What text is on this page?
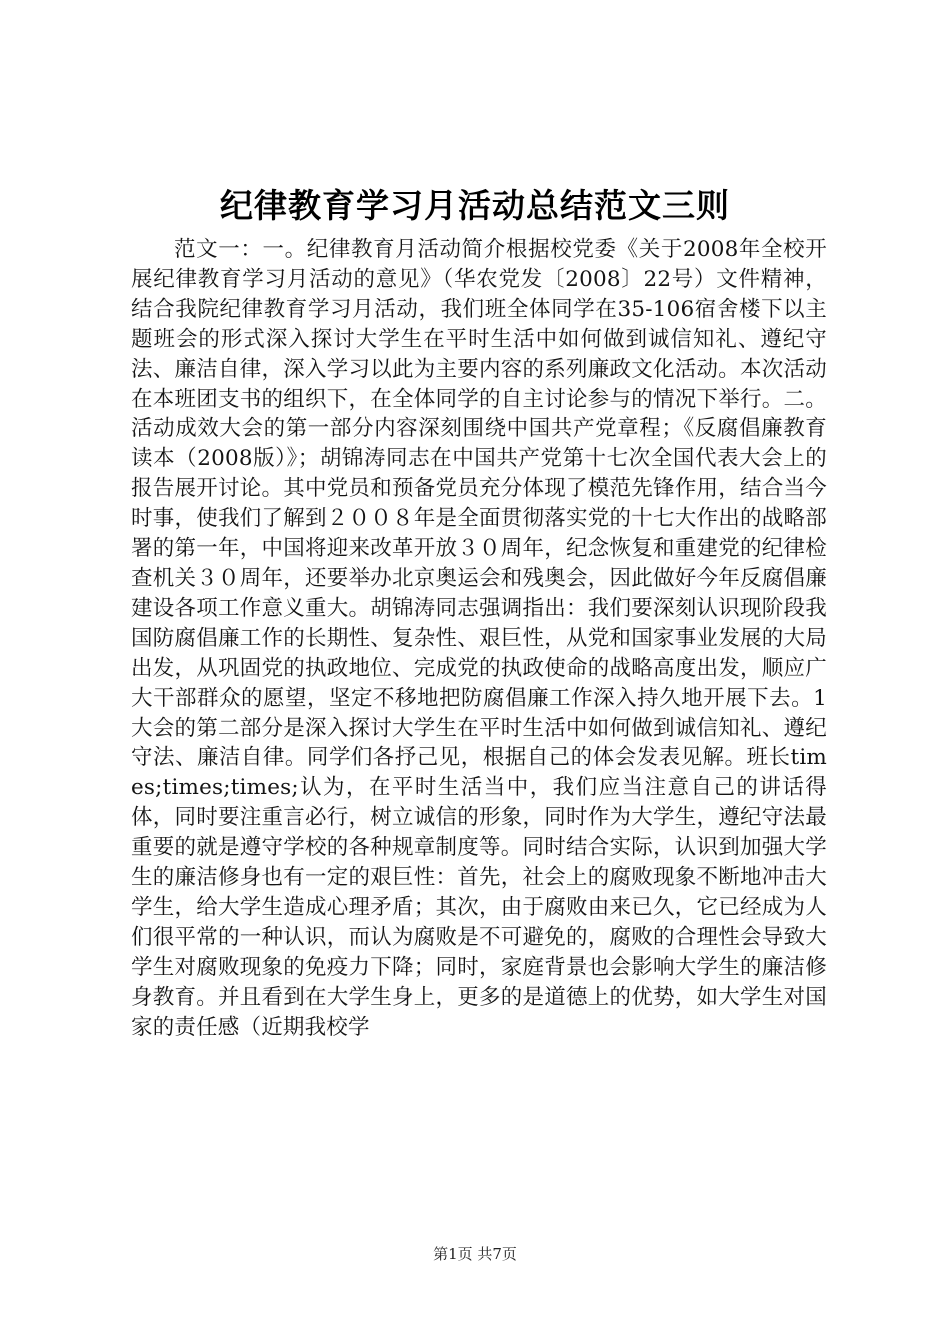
纪律教育学习月活动总结范文三则
范文一：一。纪律教育月活动简介根据校党委《关于2008年全校开展纪律教育学习月活动的意见》（华农党发〔2008〕22号）文件精神，结合我院纪律教育学习月活动，我们班全体同学在35-106宿舍楼下以主题班会的形式深入探讨大学生在平时生活中如何做到诚信知礼、遵纪守法、廉洁自律，深入学习以此为主要内容的系列廉政文化活动。本次活动在本班团支书的组织下，在全体同学的自主讨论参与的情况下举行。二。活动成效大会的第一部分内容深刻围绕中国共产党章程；《反腐倡廉教育读本（2008版）》；胡锦涛同志在中国共产党第十七次全国代表大会上的报告展开讨论。其中党员和预备党员充分体现了模范先锋作用，结合当今时事，使我们了解到２００８年是全面贯彻落实党的十七大作出的战略部署的第一年，中国将迎来改革开放３０周年，纪念恢复和重建党的纪律检查机关３０周年，还要举办北京奥运会和残奥会，因此做好今年反腐倡廉建设各项工作意义重大。胡锦涛同志强调指出：我们要深刻认识现阶段我国防腐倡廉工作的长期性、复杂性、艰巨性，从党和国家事业发展的大局出发，从巩固党的执政地位、完成党的执政使命的战略高度出发，顺应广大干部群众的愿望，坚定不移地把防腐倡廉工作深入持久地开展下去。1大会的第二部分是深入探讨大学生在平时生活中如何做到诚信知礼、遵纪守法、廉洁自律。同学们各抒己见，根据自己的体会发表见解。班长times;times;times;认为，在平时生活当中，我们应当注意自己的讲话得体，同时要注重言必行，树立诚信的形象，同时作为大学生，遵纪守法最重要的就是遵守学校的各种规章制度等。同时结合实际，认识到加强大学生的廉洁修身也有一定的艰巨性：首先，社会上的腐败现象不断地冲击大学生，给大学生造成心理矛盾；其次，由于腐败由来已久，它已经成为人们很平常的一种认识，而认为腐败是不可避免的，腐败的合理性会导致大学生对腐败现象的免疫力下降；同时，家庭背景也会影响大学生的廉洁修身教育。并且看到在大学生身上，更多的是道德上的优势，如大学生对国家的责任感（近期我校学
第1页 共7页
